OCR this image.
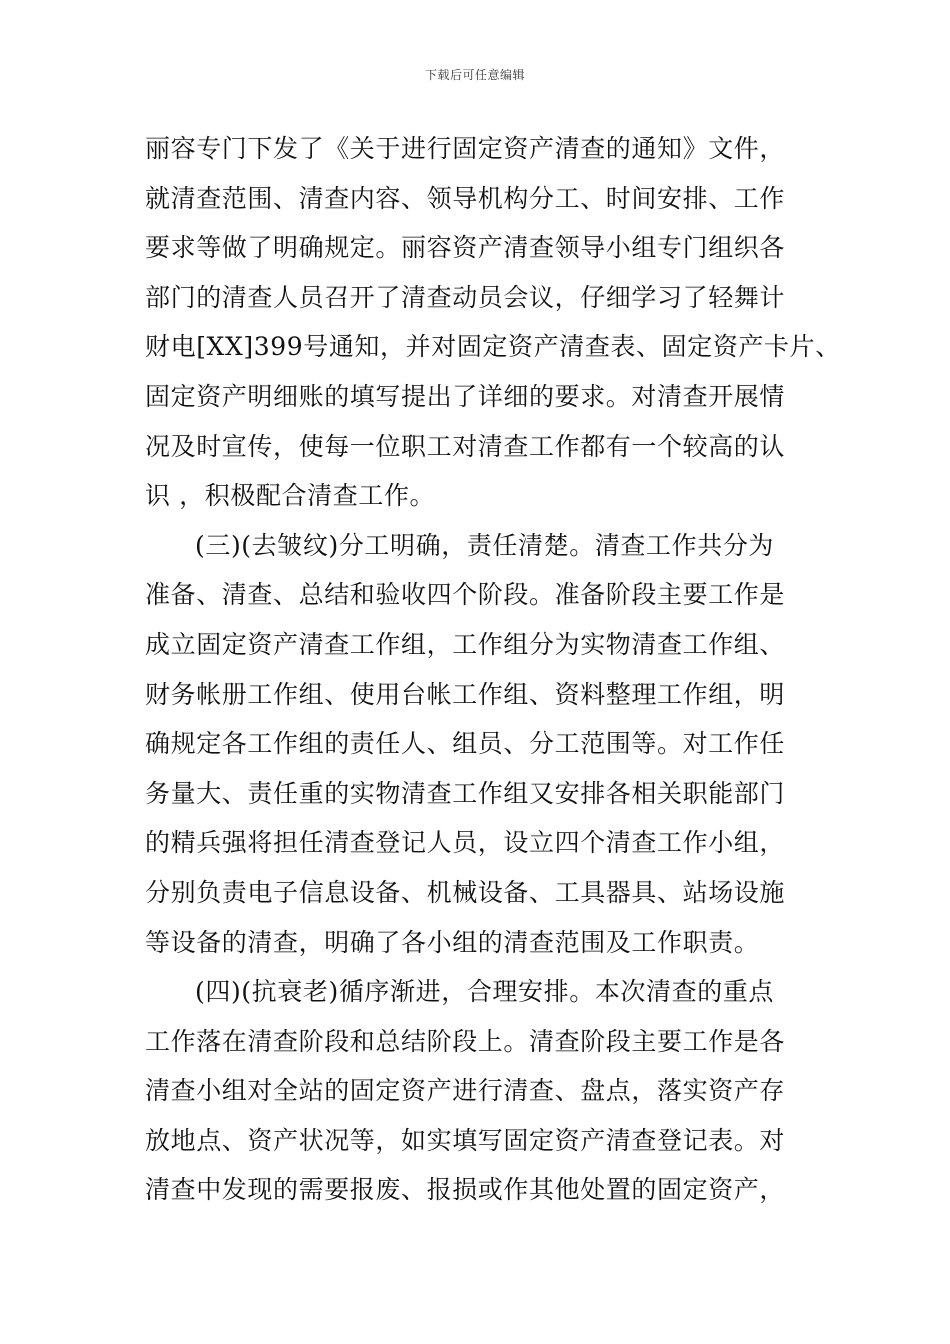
下载后可任意编辑
丽容专门下发了《关于进行固定资产清查的通知》文件，
就清查范围、清查内容、领导机构分工、时间安排、工作
要求等做了明确规定。丽容资产清查领导小组专门组织各
部门的清查人员召开了清查动员会议，仔细学习了轻舞计
财电[XX]399号通知，并对固定资产清查表、固定资产卡片、
固定资产明细账的填写提出了详细的要求。对清查开展情
况及时宣传，使每一位职工对清查工作都有一个较高的认
识 ，积极配合清查工作。
(三)(去皱纹)分工明确，责任清楚。清查工作共分为
准备、清查、总结和验收四个阶段。准备阶段主要工作是
成立固定资产清查工作组，工作组分为实物清查工作组、
财务帐册工作组、使用台帐工作组、资料整理工作组，明
确规定各工作组的责任人、组员、分工范围等。对工作任
务量大、责任重的实物清查工作组又安排各相关职能部门
的精兵强将担任清查登记人员，设立四个清查工作小组，
分别负责电子信息设备、机械设备、工具器具、站场设施
等设备的清查，明确了各小组的清查范围及工作职责。
(四)(抗衰老)循序渐进，合理安排。本次清查的重点
工作落在清查阶段和总结阶段上。清查阶段主要工作是各
清查小组对全站的固定资产进行清查、盘点，落实资产存
放地点、资产状况等，如实填写固定资产清查登记表。对
清查中发现的需要报废、报损或作其他处置的固定资产，
